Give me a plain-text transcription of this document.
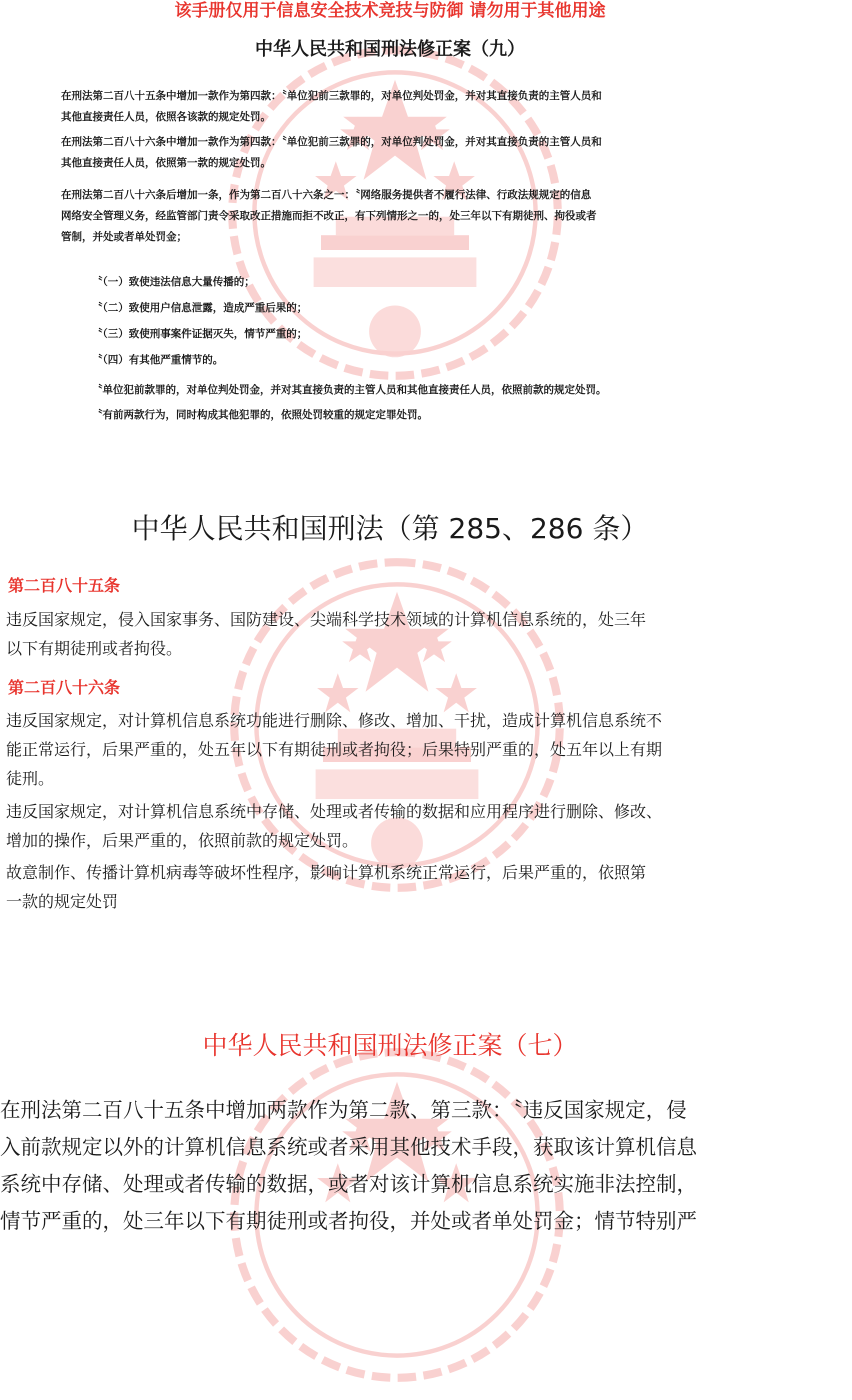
该手册仅用于信息安全技术竞技与防御 请勿用于其他用途
中华人民共和国刑法修正案（九）

在刑法第二百八十五条中增加一款作为第四款：〝单位犯前三款罪的，对单位判处罚金，并对其直接负责的主管人员和

其他直接责任人员，依照各该款的规定处罚。

在刑法第二百八十六条中增加一款作为第四款：〝单位犯前三款罪的，对单位判处罚金，并对其直接负责的主管人员和

其他直接责任人员，依照第一款的规定处罚。

在刑法第二百八十六条后增加一条，作为第二百八十六条之一：〝网络服务提供者不履行法律、行政法规规定的信息

网络安全管理义务，经监管部门责令采取改正措施而拒不改正，有下列情形之一的，处三年以下有期徒刑、拘役或者

管制，并处或者单处罚金；

〝（一）致使违法信息大量传播的；
〝（二）致使用户信息泄露，造成严重后果的；
〝（三）致使刑事案件证据灭失，情节严重的；
〝（四）有其他严重情节的。
〝单位犯前款罪的，对单位判处罚金，并对其直接负责的主管人员和其他直接责任人员，依照前款的规定处罚。
〝有前两款行为，同时构成其他犯罪的，依照处罚较重的规定定罪处罚。
中华人民共和国刑法（第 285、286 条）
第二百八十五条

违反国家规定，侵入国家事务、国防建设、尖端科学技术领域的计算机信息系统的，处三年

以下有期徒刑或者拘役。

第二百八十六条

违反国家规定，对计算机信息系统功能进行删除、修改、增加、干扰，造成计算机信息系统不

能正常运行，后果严重的，处五年以下有期徒刑或者拘役；后果特别严重的，处五年以上有期

徒刑。

违反国家规定，对计算机信息系统中存储、处理或者传输的数据和应用程序进行删除、修改、

增加的操作，后果严重的，依照前款的规定处罚。

故意制作、传播计算机病毒等破坏性程序，影响计算机系统正常运行，后果严重的，依照第

一款的规定处罚

中华人民共和国刑法修正案（七）

在刑法第二百八十五条中增加两款作为第二款、第三款：〝违反国家规定，侵

入前款规定以外的计算机信息系统或者采用其他技术手段，获取该计算机信息

系统中存储、处理或者传输的数据，或者对该计算机信息系统实施非法控制，

情节严重的，处三年以下有期徒刑或者拘役，并处或者单处罚金；情节特别严
